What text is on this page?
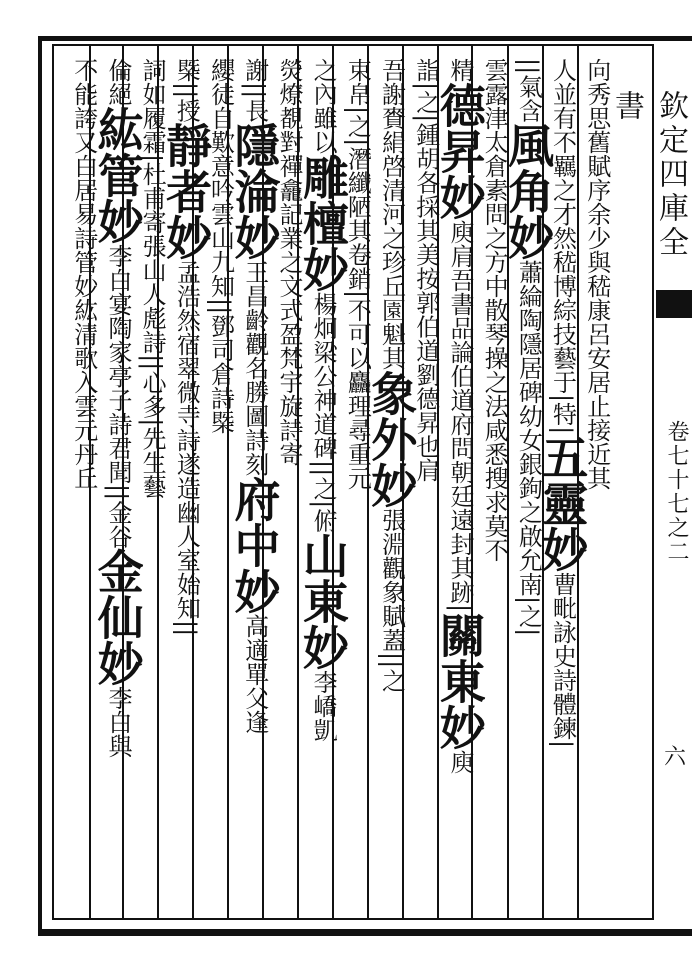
欽定四庫全書
卷七十七之二
六
向秀思舊賦序余少與嵇康呂安居止接近其
人並有不羈之才然嵇博綜技藝于|特|
五靈妙
曹毗詠史詩體鍊|
||氣含
風角妙
蕭綸陶隱居碑幼女銀鉤之啟允南|之|
雲露津
太倉素問之方中散琴操之法咸悉搜求莫不
精
德昇妙
庾肩吾書品論伯道府問朝廷遠封其跡|
關東妙
庾
詣
|之|鍾胡各採其美按郭伯道劉德昇也
肩
吾謝賚絹啓清河之珍丘園魁其
象外妙
張淵觀象賦蓋||之
束帛|之|潛纖陋其卷銷
|不可以麤理尋重元
之內雖以
雕檀妙
楊炯梁公神道碑||之|俯
山東妙
李嶠凱
熒燎覩
對禪龕記業之文式盈梵宇
旋詩寄
謝||長
隱淪妙
王昌齡觀名勝圖詩刻
府中妙
高適單父逢
纓徒自歎
意吟雲山九知||
鄧司倉詩槩
槩||授
靜者妙
孟浩然宿翠微寺詩遂造幽人室始知||
詞如履霜
|杜甫寄張山人彪詩||心多|先生藝
倫絕
紘管妙
李白宴陶家亭子詩君聞||金谷
金仙妙
李白與
不能誇又白居易詩管妙紘清歌入雲
元丹丘
